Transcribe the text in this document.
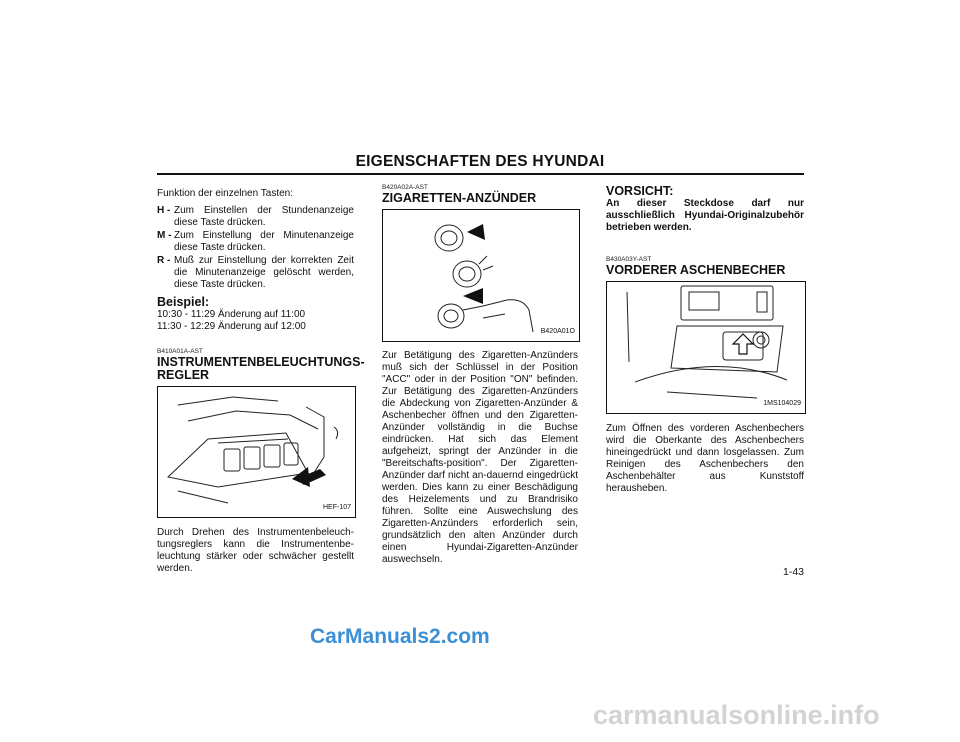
EIGENSCHAFTEN DES HYUNDAI
Funktion der einzelnen Tasten:
H - Zum Einstellen der Stundenanzeige diese Taste drücken.
M - Zum Einstellung der Minutenanzeige diese Taste drücken.
R - Muß zur Einstellung der korrekten Zeit die Minutenanzeige gelöscht werden, diese Taste drücken.
Beispiel:
10:30 - 11:29 Änderung auf 11:00
11:30 - 12:29 Änderung auf 12:00
B410A01A-AST
INSTRUMENTENBELEUCHTUNGS-REGLER
HEF-107
Durch Drehen des Instrumentenbeleuch-tungsreglers kann die Instrumentenbe-leuchtung stärker oder schwächer gestellt werden.
B420A02A-AST
ZIGARETTEN-ANZÜNDER
B420A01O
Zur Betätigung des Zigaretten-Anzünders muß sich der Schlüssel in der Position "ACC" oder in der Position "ON" befinden. Zur Betätigung des Zigaretten-Anzünders die Abdeckung von Zigaretten-Anzünder & Aschenbecher öffnen und den Zigaretten-Anzünder vollständig in die Buchse eindrücken. Hat sich das Element aufgeheizt, springt der Anzünder in die "Bereitschafts-position". Der Zigaretten-Anzünder darf nicht an-dauernd eingedrückt werden. Dies kann zu einer Beschädigung des Heizelements und zu Brandrisiko führen. Sollte eine Auswechslung des Zigaretten-Anzünders erforderlich sein, grundsätzlich den alten Anzünder durch einen Hyundai-Zigaretten-Anzünder auswechseln.
VORSICHT:
An dieser Steckdose darf nur ausschließlich Hyundai-Originalzubehör betrieben werden.
B430A03Y-AST
VORDERER ASCHENBECHER
1MS104029
Zum Öffnen des vorderen Aschenbechers wird die Oberkante des Aschenbechers hineingedrückt und dann losgelassen. Zum Reinigen des Aschenbechers den Aschenbehälter aus Kunststoff herausheben.
1-43
CarManuals2.com
carmanualsonline.info
